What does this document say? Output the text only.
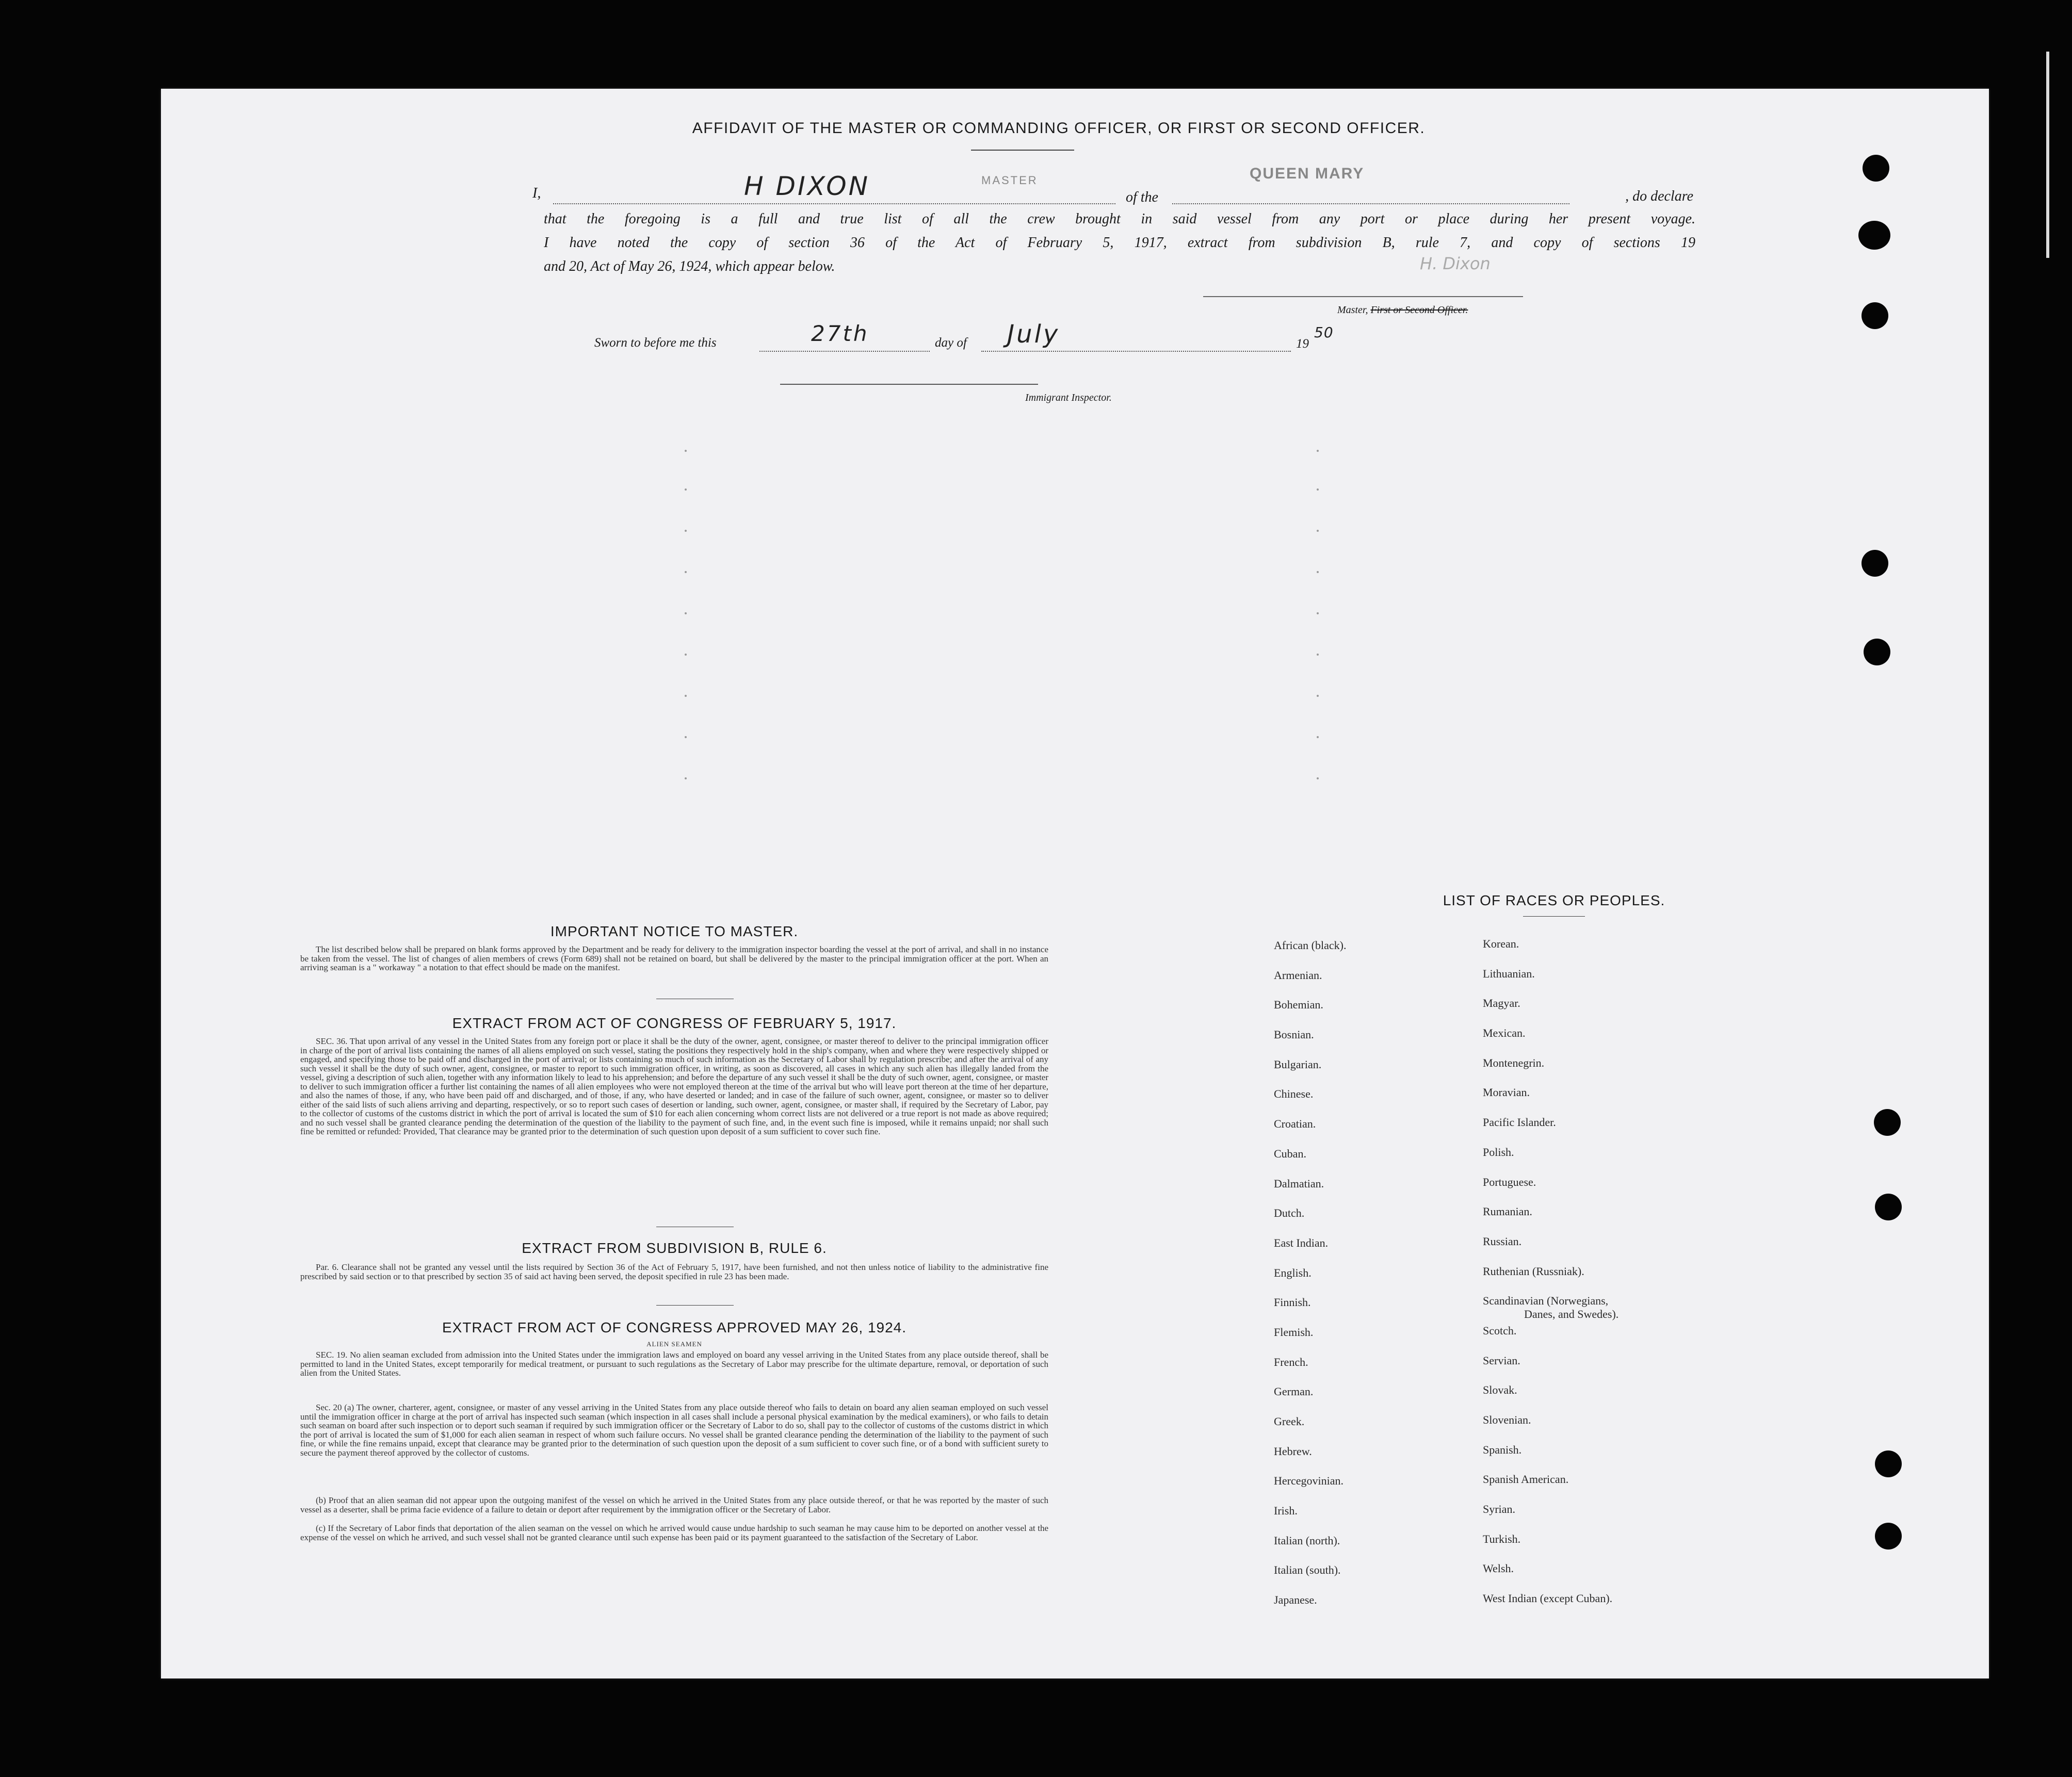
AFFIDAVIT OF THE MASTER OR COMMANDING OFFICER, OR FIRST OR SECOND OFFICER.
I,	H DIXON	MASTER
of the
QUEEN MARY
, do declare
that the foregoing is a full and true list of all the crew brought in said vessel from any port or place during her present voyage.
I have noted the copy of section 36 of the Act of February 5, 1917, extract from subdivision B, rule 7, and copy of sections 19
and 20, Act of May 26, 1924, which appear below.	H. Dixon
Master, First or Second Officer.
Sworn to before me this	27th	day of July	19
50
Immigrant Inspector.
IMPORTANT NOTICE TO MASTER.
The list described below shall be prepared on blank forms approved by the Department and be ready for delivery to the immigration inspector boarding the vessel at the port of arrival, and shall in no instance be taken from the vessel. The list of changes of alien members of crews (Form 689) shall not be retained on board, but shall be delivered by the master to the principal immigration officer at the port. When an arriving seaman is a " workaway " a notation to that effect should be made on the manifest.
EXTRACT FROM ACT OF CONGRESS OF FEBRUARY 5, 1917.
SEC. 36. That upon arrival of any vessel in the United States from any foreign port or place it shall be the duty of the owner, agent, consignee, or master thereof to deliver to the principal immigration officer in charge of the port of arrival lists containing the names of all aliens employed on such vessel, stating the positions they respectively hold in the ship's company, when and where they were respectively shipped or engaged, and specifying those to be paid off and discharged in the port of arrival; or lists containing so much of such information as the Secretary of Labor shall by regulation prescribe; and after the arrival of any such vessel it shall be the duty of such owner, agent, consignee, or master to report to such immigration officer, in writing, as soon as discovered, all cases in which any such alien has illegally landed from the vessel, giving a description of such alien, together with any information likely to lead to his apprehension; and before the departure of any such vessel it shall be the duty of such owner, agent, consignee, or master to deliver to such immigration officer a further list containing the names of all alien employees who were not employed thereon at the time of the arrival but who will leave port thereon at the time of her departure, and also the names of those, if any, who have been paid off and discharged, and of those, if any, who have deserted or landed; and in case of the failure of such owner, agent, consignee, or master so to deliver either of the said lists of such aliens arriving and departing, respectively, or so to report such cases of desertion or landing, such owner, agent, consignee, or master shall, if required by the Secretary of Labor, pay to the collector of customs of the customs district in which the port of arrival is located the sum of $10 for each alien concerning whom correct lists are not delivered or a true report is not made as above required; and no such vessel shall be granted clearance pending the determination of the question of the liability to the payment of such fine, and, in the event such fine is imposed, while it remains unpaid; nor shall such fine be remitted or refunded: Provided, That clearance may be granted prior to the determination of such question upon deposit of a sum sufficient to cover such fine.
EXTRACT FROM SUBDIVISION B, RULE 6.
Par. 6. Clearance shall not be granted any vessel until the lists required by Section 36 of the Act of February 5, 1917, have been furnished, and not then unless notice of liability to the administrative fine prescribed by said section or to that prescribed by section 35 of said act having been served, the deposit specified in rule 23 has been made.
EXTRACT FROM ACT OF CONGRESS APPROVED MAY 26, 1924.
ALIEN SEAMEN
SEC. 19. No alien seaman excluded from admission into the United States under the immigration laws and employed on board any vessel arriving in the United States from any place outside thereof, shall be permitted to land in the United States, except temporarily for medical treatment, or pursuant to such regulations as the Secretary of Labor may prescribe for the ultimate departure, removal, or deportation of such alien from the United States.
Sec. 20 (a) The owner, charterer, agent, consignee, or master of any vessel arriving in the United States from any place outside thereof who fails to detain on board any alien seaman employed on such vessel until the immigration officer in charge at the port of arrival has inspected such seaman (which inspection in all cases shall include a personal physical examination by the medical examiners), or who fails to detain such seaman on board after such inspection or to deport such seaman if required by such immigration officer or the Secretary of Labor to do so, shall pay to the collector of customs of the customs district in which the port of arrival is located the sum of $1,000 for each alien seaman in respect of whom such failure occurs. No vessel shall be granted clearance pending the determination of the liability to the payment of such fine, or while the fine remains unpaid, except that clearance may be granted prior to the determination of such question upon the deposit of a sum sufficient to cover such fine, or of a bond with sufficient surety to secure the payment thereof approved by the collector of customs.
(b) Proof that an alien seaman did not appear upon the outgoing manifest of the vessel on which he arrived in the United States from any place outside thereof, or that he was reported by the master of such vessel as a deserter, shall be prima facie evidence of a failure to detain or deport after requirement by the immigration officer or the Secretary of Labor.
(c) If the Secretary of Labor finds that deportation of the alien seaman on the vessel on which he arrived would cause undue hardship to such seaman he may cause him to be deported on another vessel at the expense of the vessel on which he arrived, and such vessel shall not be granted clearance until such expense has been paid or its payment guaranteed to the satisfaction of the Secretary of Labor.
LIST OF RACES OR PEOPLES.
African (black).
Armenian.
Bohemian.
Bosnian.
Bulgarian.
Chinese.
Croatian.
Cuban.
Dalmatian.
Dutch.
East Indian.
English.
Finnish.
Flemish.
French.
German.
Greek.
Hebrew.
Hercegovinian.
Irish.
Italian (north).
Italian (south).
Japanese.
Korean.
Lithuanian.
Magyar.
Mexican.
Montenegrin.
Moravian.
Pacific Islander.
Polish.
Portuguese.
Rumanian.
Russian.
Ruthenian (Russniak).
Scandinavian (Norwegians,
Danes, and Swedes).
Scotch.
Servian.
Slovak.
Slovenian.
Spanish.
Spanish American.
Syrian.
Turkish.
Welsh.
West Indian (except Cuban).
